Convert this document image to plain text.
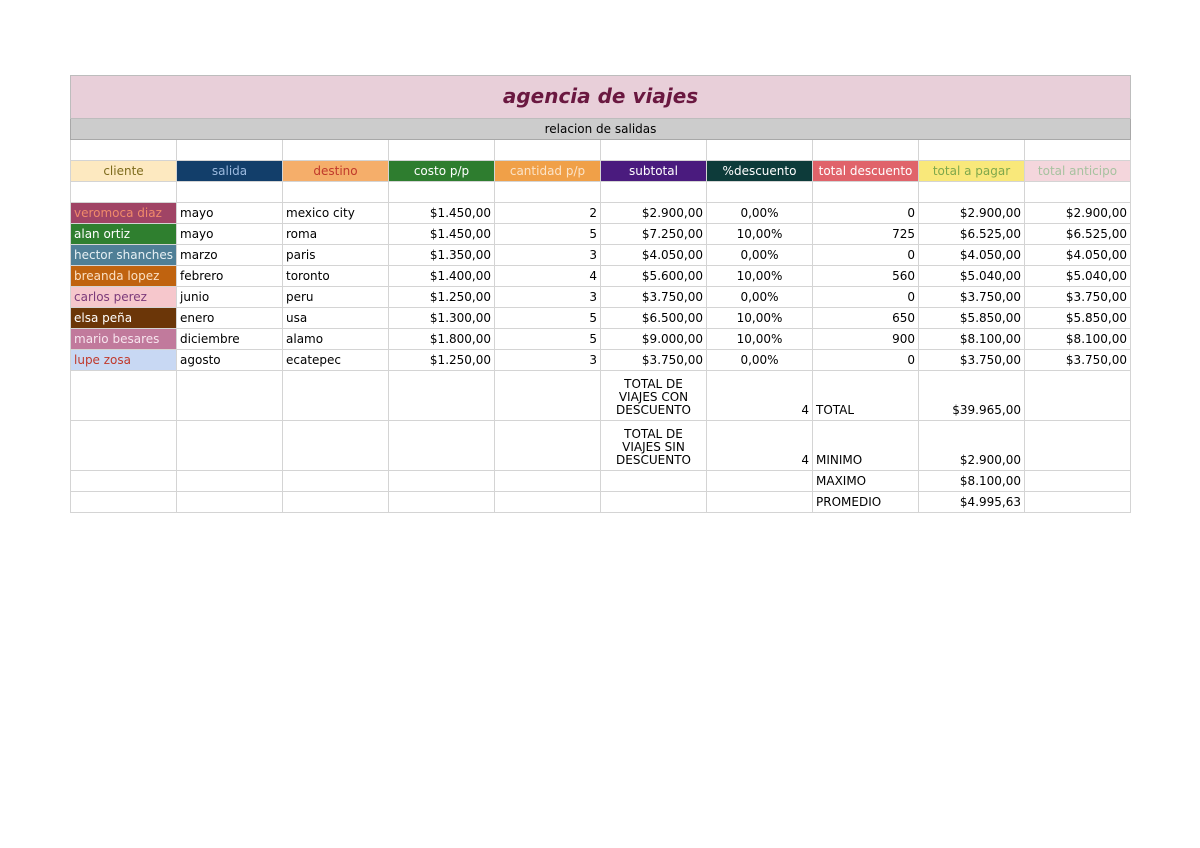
agencia de viajes									
relacion de salidas									

cliente	salida	destino	costo p/p	cantidad p/p	subtotal	%descuento	total descuento	total a pagar	total anticipo

veromoca diaz	mayo	mexico city	$1.450,00	2	$2.900,00	0,00%	0	$2.900,00	$2.900,00
alan ortiz	mayo	roma	$1.450,00	5	$7.250,00	10,00%	725	$6.525,00	$6.525,00
hector shanches	marzo	paris	$1.350,00	3	$4.050,00	0,00%	0	$4.050,00	$4.050,00
breanda lopez	febrero	toronto	$1.400,00	4	$5.600,00	10,00%	560	$5.040,00	$5.040,00
carlos perez	junio	peru	$1.250,00	3	$3.750,00	0,00%	0	$3.750,00	$3.750,00
elsa peña	enero	usa	$1.300,00	5	$6.500,00	10,00%	650	$5.850,00	$5.850,00
mario besares	diciembre	alamo	$1.800,00	5	$9.000,00	10,00%	900	$8.100,00	$8.100,00
lupe zosa	agosto	ecatepec	$1.250,00	3	$3.750,00	0,00%	0	$3.750,00	$3.750,00
					TOTAL DE VIAJES CON DESCUENTO	4	TOTAL	$39.965,00	
					TOTAL DE VIAJES SIN DESCUENTO	4	MINIMO	$2.900,00	
							MAXIMO	$8.100,00	
							PROMEDIO	$4.995,63	
